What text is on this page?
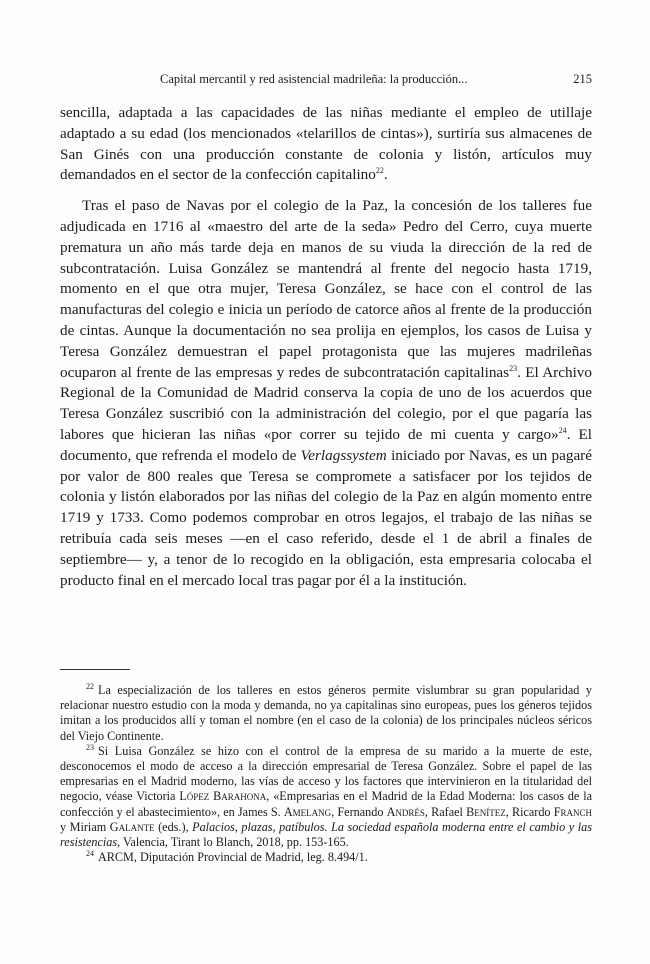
Capital mercantil y red asistencial madrileña: la producción...	215

sencilla, adaptada a las capacidades de las niñas mediante el empleo de utillaje adaptado a su edad (los mencionados «telarillos de cintas»), surtiría sus almacenes de San Ginés con una producción constante de colonia y listón, artículos muy demandados en el sector de la confección capitalino$^{22}$.

Tras el paso de Navas por el colegio de la Paz, la concesión de los talleres fue adjudicada en 1716 al «maestro del arte de la seda» Pedro del Cerro, cuya muerte prematura un año más tarde deja en manos de su viuda la dirección de la red de subcontratación. Luisa González se mantendrá al frente del negocio hasta 1719, momento en el que otra mujer, Teresa González, se hace con el control de las manufacturas del colegio e inicia un período de catorce años al frente de la producción de cintas. Aunque la documentación no sea prolija en ejemplos, los casos de Luisa y Teresa González demuestran el papel protagonista que las mujeres madrileñas ocuparon al frente de las empresas y redes de subcontratación capitalinas$^{23}$. El Archivo Regional de la Comunidad de Madrid conserva la copia de uno de los acuerdos que Teresa González suscribió con la administración del colegio, por el que pagaría las labores que hicieran las niñas «por correr su tejido de mi cuenta y cargo»$^{24}$. El documento, que refrenda el modelo de Verlagssystem iniciado por Navas, es un pagaré por valor de 800 reales que Teresa se compromete a satisfacer por los tejidos de colonia y listón elaborados por las niñas del colegio de la Paz en algún momento entre 1719 y 1733. Como podemos comprobar en otros legajos, el trabajo de las niñas se retribuía cada seis meses —en el caso referido, desde el 1 de abril a finales de septiembre— y, a tenor de lo recogido en la obligación, esta empresaria colocaba el producto final en el mercado local tras pagar por él a la institución.

$^{22}$ La especialización de los talleres en estos géneros permite vislumbrar su gran popularidad y relacionar nuestro estudio con la moda y demanda, no ya capitalinas sino europeas, pues los géneros tejidos imitan a los producidos allí y toman el nombre (en el caso de la colonia) de los principales núcleos séricos del Viejo Continente.

$^{23}$ Si Luisa González se hizo con el control de la empresa de su marido a la muerte de este, desconocemos el modo de acceso a la dirección empresarial de Teresa González. Sobre el papel de las empresarias en el Madrid moderno, las vías de acceso y los factores que intervinieron en la titularidad del negocio, véase Victoria López Barahona, «Empresarias en el Madrid de la Edad Moderna: los casos de la confección y el abastecimiento», en James S. Amelang, Fernando Andrés, Rafael Benítez, Ricardo Franch y Miriam Galante (eds.), Palacios, plazas, patíbulos. La sociedad española moderna entre el cambio y las resistencias, Valencia, Tirant lo Blanch, 2018, pp. 153-165.

$^{24}$ ARCM, Diputación Provincial de Madrid, leg. 8.494/1.
